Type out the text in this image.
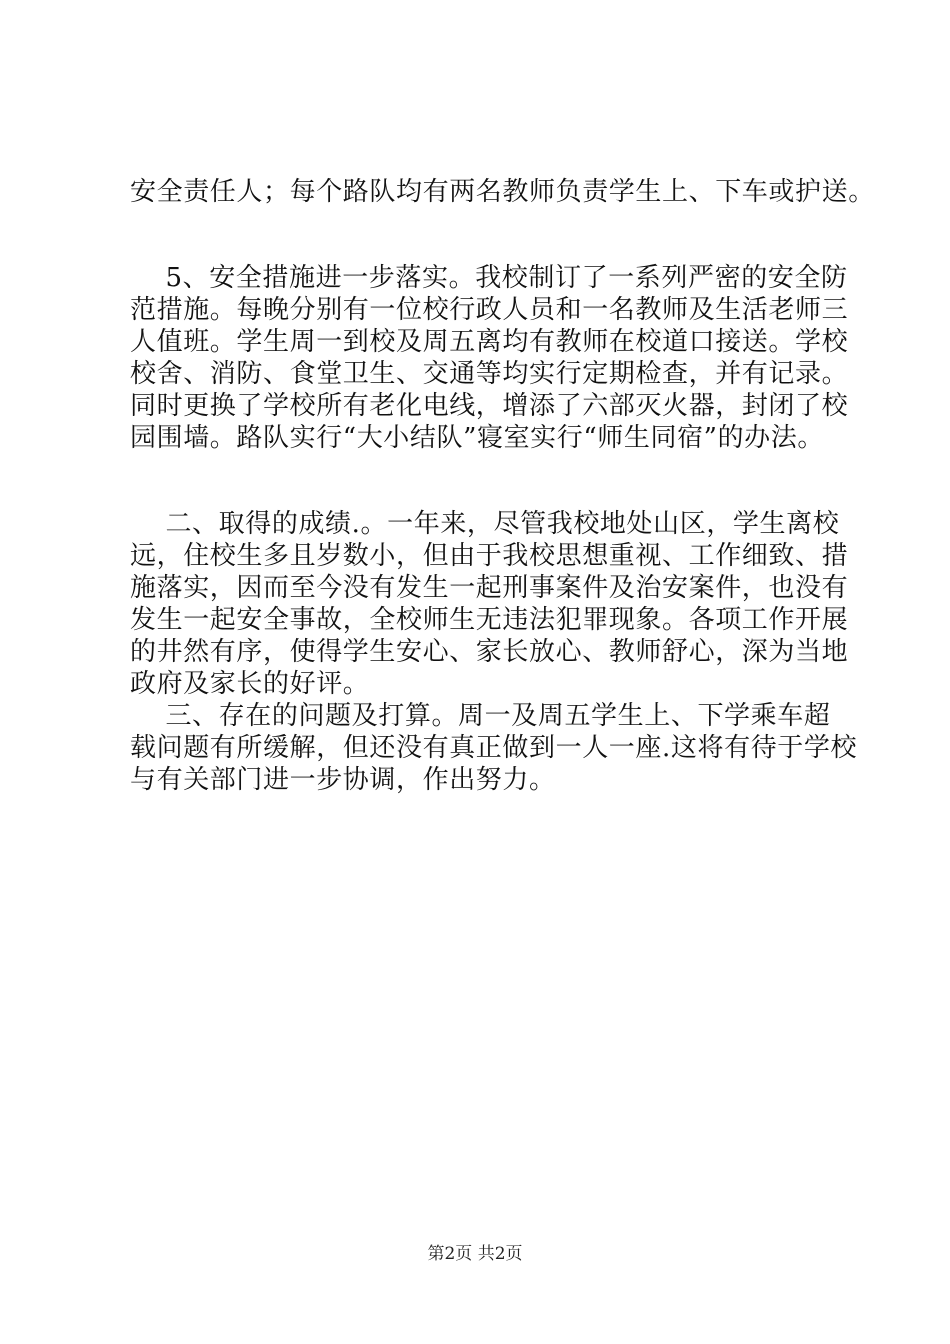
安全责任人；每个路队均有两名教师负责学生上、下车或护送。
5、安全措施进一步落实。我校制订了一系列严密的安全防
范措施。每晚分别有一位校行政人员和一名教师及生活老师三
人值班。学生周一到校及周五离均有教师在校道口接送。学校
校舍、消防、食堂卫生、交通等均实行定期检查，并有记录。
同时更换了学校所有老化电线，增添了六部灭火器，封闭了校
园围墙。路队实行“大小结队”寝室实行“师生同宿”的办法。
二、取得的成绩.。一年来，尽管我校地处山区，学生离校
远，住校生多且岁数小，但由于我校思想重视、工作细致、措
施落实，因而至今没有发生一起刑事案件及治安案件，也没有
发生一起安全事故，全校师生无违法犯罪现象。各项工作开展
的井然有序，使得学生安心、家长放心、教师舒心，深为当地
政府及家长的好评。
三、存在的问题及打算。周一及周五学生上、下学乘车超
载问题有所缓解，但还没有真正做到一人一座.这将有待于学校
与有关部门进一步协调，作出努力。
第2页 共2页
